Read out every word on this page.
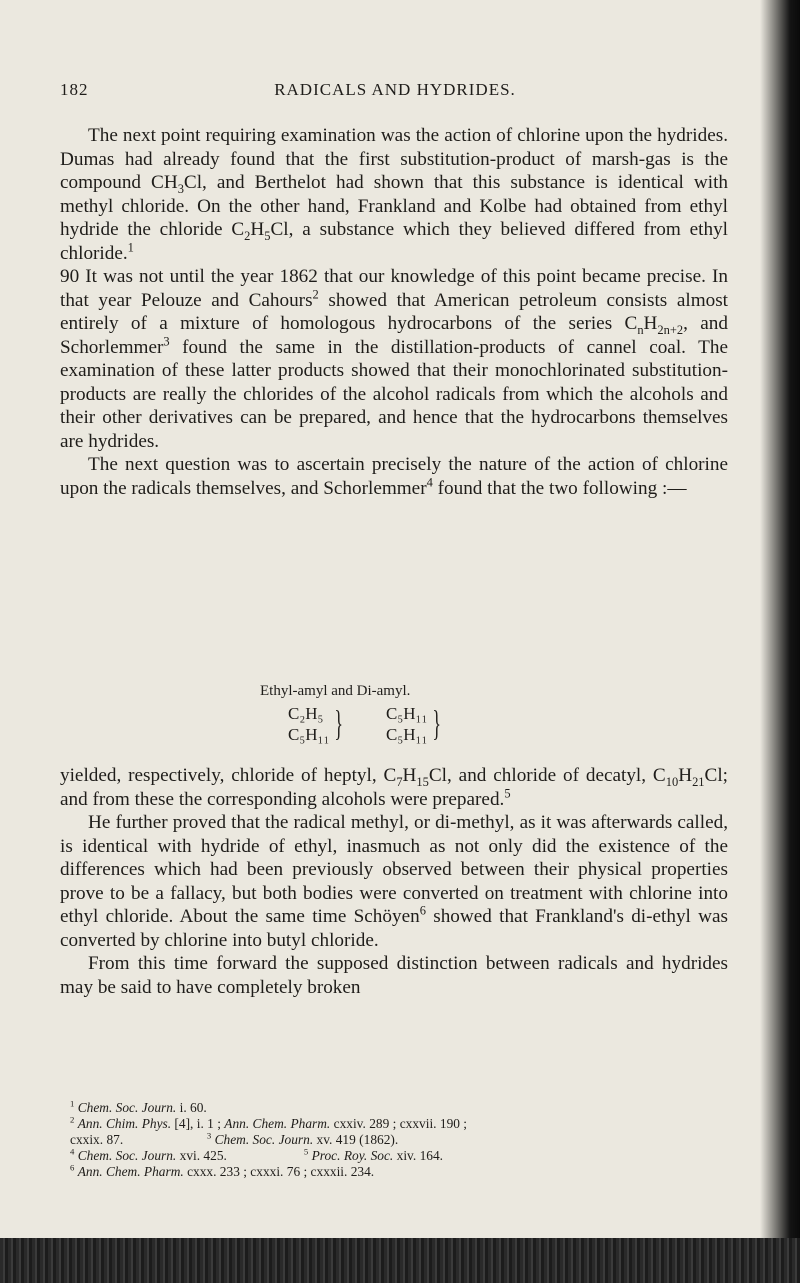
182	RADICALS AND HYDRIDES.

The next point requiring examination was the action of chlorine upon the hydrides. Dumas had already found that the first substitution-product of marsh-gas is the compound $CH_3Cl$, and Berthelot had shown that this substance is identical with methyl chloride. On the other hand, Frankland and Kolbe had obtained from ethyl hydride the chloride $C_2H_5Cl$, a substance which they believed differed from ethyl chloride.$^1$

90 It was not until the year 1862 that our knowledge of this point became precise. In that year Pelouze and Cahours$^2$ showed that American petroleum consists almost entirely of a mixture of homologous hydrocarbons of the series $C_nH_{2n+2}$, and Schorlemmer$^3$ found the same in the distillation-products of cannel coal. The examination of these latter products showed that their monochlorinated substitution-products are really the chlorides of the alcohol radicals from which the alcohols and their other derivatives can be prepared, and hence that the hydrocarbons themselves are hydrides.

The next question was to ascertain precisely the nature of the action of chlorine upon the radicals themselves, and Schorlemmer$^4$ found that the two following :—

Ethyl-amyl and Di-amyl.
C₂H₅
C₅H₁₁ }	C₅H₁₁
C₅H₁₁ }

yielded, respectively, chloride of heptyl, $C_7H_{15}Cl$, and chloride of decatyl, $C_{10}H_{21}Cl$; and from these the corresponding alcohols were prepared.$^5$

He further proved that the radical methyl, or di-methyl, as it was afterwards called, is identical with hydride of ethyl, inasmuch as not only did the existence of the differences which had been previously observed between their physical properties prove to be a fallacy, but both bodies were converted on treatment with chlorine into ethyl chloride. About the same time Schöyen$^6$ showed that Frankland's di-ethyl was converted by chlorine into butyl chloride.

From this time forward the supposed distinction between radicals and hydrides may be said to have completely broken

$^1$ Chem. Soc. Journ. i. 60.
$^2$ Ann. Chim. Phys. [4], i. 1 ; Ann. Chem. Pharm. cxxiv. 289 ; cxxvii. 190 ;
cxxix. 87.	$^3$ Chem. Soc. Journ. xv. 419 (1862).
$^4$ Chem. Soc. Journ. xvi. 425.	$^5$ Proc. Roy. Soc. xiv. 164.
$^6$ Ann. Chem. Pharm. cxxx. 233 ; cxxxi. 76 ; cxxxii. 234.
